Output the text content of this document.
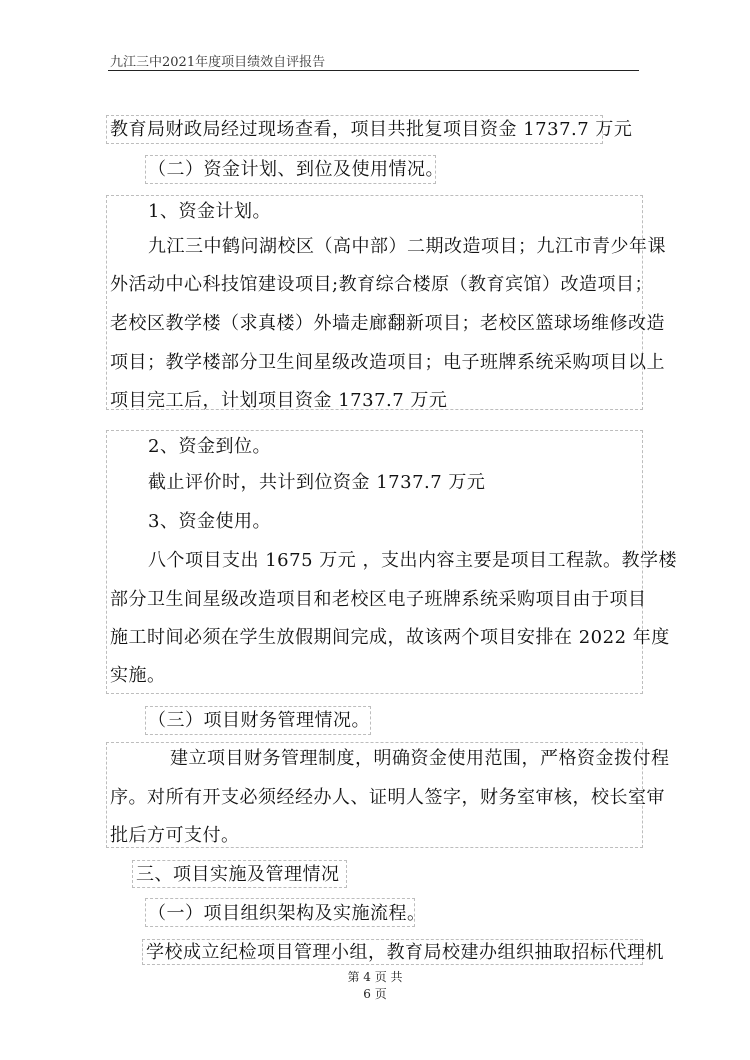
九江三中2021年度项目绩效自评报告
教育局财政局经过现场查看，项目共批复项目资金 1737.7 万元
（二）资金计划、到位及使用情况。
1、资金计划。
九江三中鹤问湖校区（高中部）二期改造项目；九江市青少年课
外活动中心科技馆建设项目;教育综合楼原（教育宾馆）改造项目；
老校区教学楼（求真楼）外墙走廊翻新项目；老校区篮球场维修改造
项目；教学楼部分卫生间星级改造项目；电子班牌系统采购项目以上
项目完工后，计划项目资金 1737.7 万元
2、资金到位。
截止评价时，共计到位资金 1737.7 万元
3、资金使用。
八个项目支出 1675 万元 ，支出内容主要是项目工程款。教学楼
部分卫生间星级改造项目和老校区电子班牌系统采购项目由于项目
施工时间必须在学生放假期间完成，故该两个项目安排在 2022 年度
实施。
（三）项目财务管理情况。
建立项目财务管理制度，明确资金使用范围，严格资金拨付程
序。对所有开支必须经经办人、证明人签字，财务室审核，校长室审
批后方可支付。
三、项目实施及管理情况
（一）项目组织架构及实施流程。
学校成立纪检项目管理小组，教育局校建办组织抽取招标代理机
第 4 页 共
6 页
